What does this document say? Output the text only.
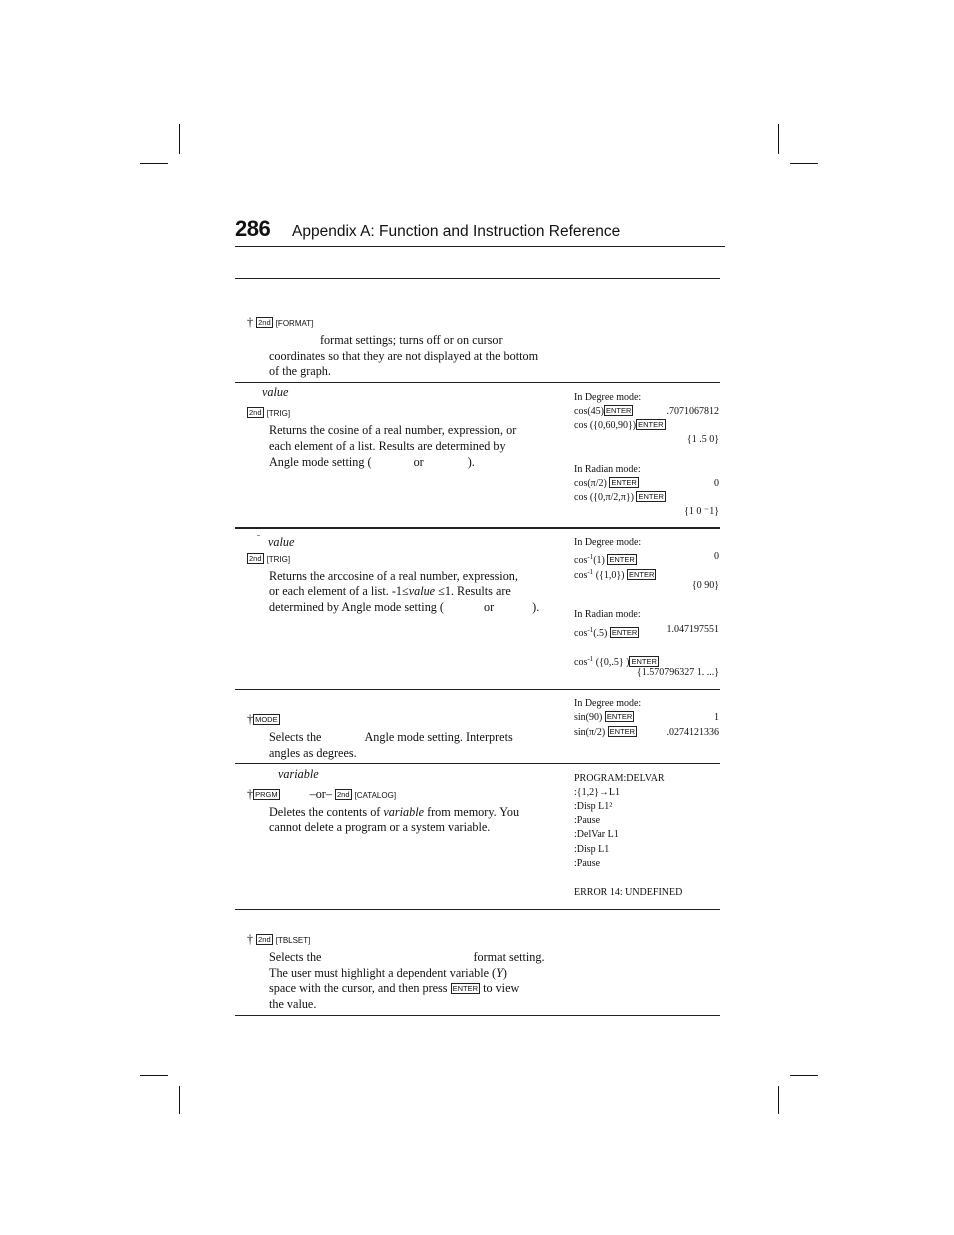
286 Appendix A: Function and Instruction Reference
† 2nd [FORMAT]
format settings; turns off or on cursor
coordinates so that they are not displayed at the bottom
of the graph.
value
2nd [TRIG]
Returns the cosine of a real number, expression, or
each element of a list. Results are determined by
Angle mode setting (	or	).
In Degree mode:
cos(45) ENTER	.7071067812
cos ({0,60,90}) ENTER
{1 .5 0}
In Radian mode:
cos(π/2) ENTER	0
cos ({0,π/2,π}) ENTER
{1 0 ⁻1}
$^ˉ$ value
2nd [TRIG]
Returns the arccosine of a real number, expression,
or each element of a list. -1≤value ≤1. Results are
determined by Angle mode setting (	or	).
In Degree mode:
$\cos^{-1}(1)$ ENTER	0
$\cos^{-1} (\{1,0\})$ ENTER
{0 90}
In Radian mode:
$\cos^{-1}(.5)$ ENTER	1.047197551
$\cos^{-1} (\{0,.5\}$ ) ENTER
{1.570796327 1. ...}
† MODE
Selects the	Angle mode setting. Interprets
angles as degrees.
In Degree mode:
sin(90) ENTER	1
sin(π/2) ENTER	.0274121336
variable
† PRGM	–or– 2nd [CATALOG]
Deletes the contents of variable from memory. You
cannot delete a program or a system variable.
PROGRAM:DELVAR
:{1,2}→L1
:Disp L1²
:Pause
:DelVar L1
:Disp L1
:Pause
ERROR 14: UNDEFINED
† 2nd [TBLSET]
Selects the	format setting.
The user must highlight a dependent variable (Y)
space with the cursor, and then press ENTER to view
the value.
